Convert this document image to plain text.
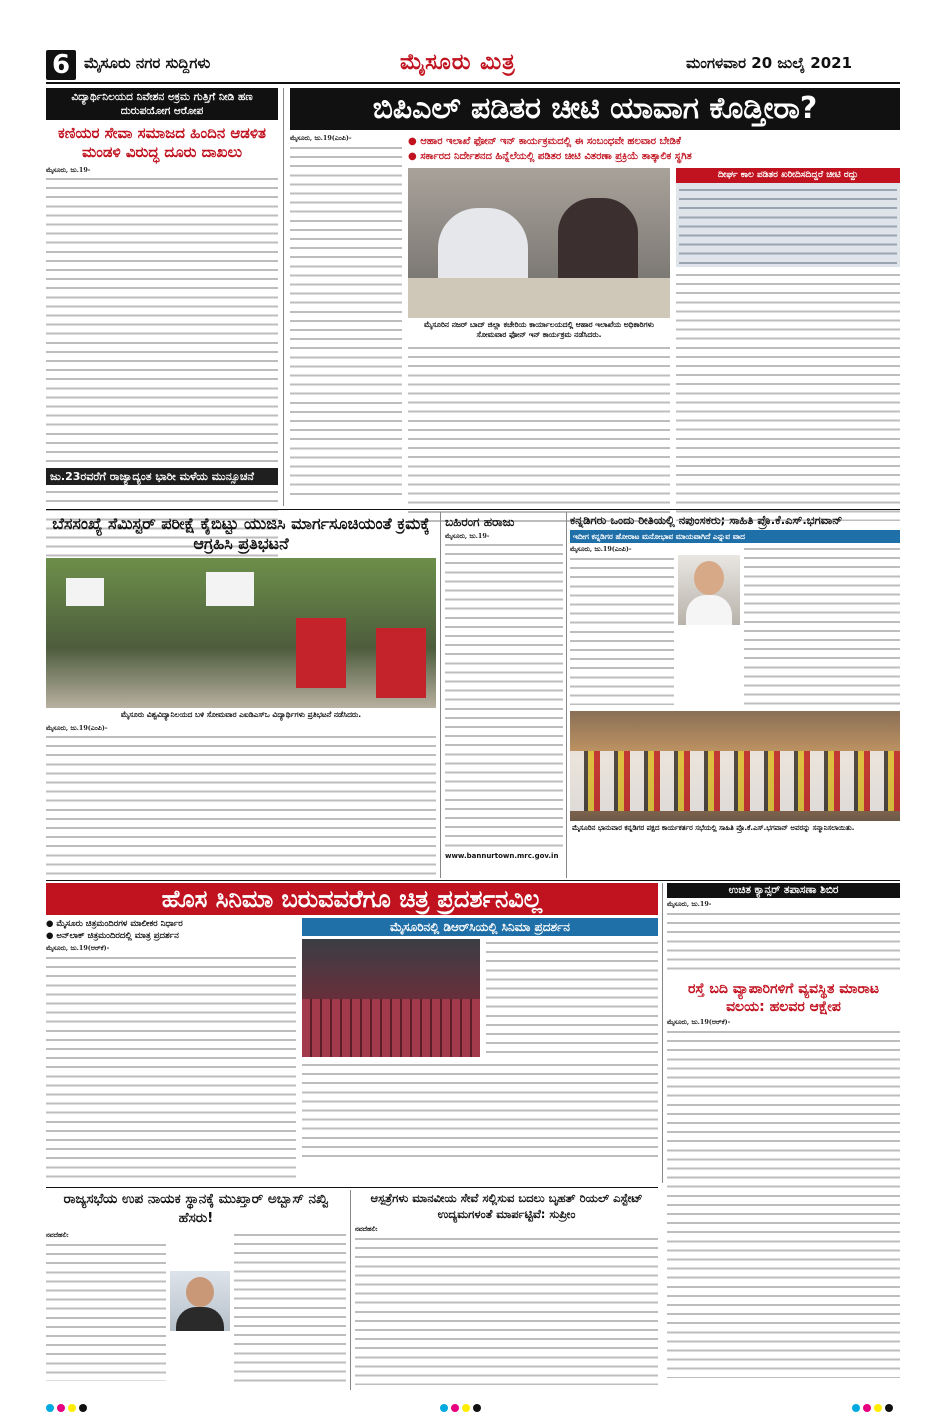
6 ಮೈಸೂರು ನಗರ ಸುದ್ದಿಗಳು	ಮೈಸೂರು ಮಿತ್ರ	ಮಂಗಳವಾರ 20 ಜುಲೈ 2021
ವಿದ್ಯಾರ್ಥಿನಿಲಯದ ನಿವೇಶನ ಅಕ್ರಮ ಗುತ್ತಿಗೆ ನೀಡಿ ಹಣ ದುರುಪಯೋಗ ಆರೋಪ
ಕಣಿಯರ ಸೇವಾ ಸಮಾಜದ ಹಿಂದಿನ ಆಡಳಿತ ಮಂಡಳಿ ವಿರುದ್ಧ ದೂರು ದಾಖಲು
ಮೈಸೂರು, ಜು.19-
ಜು.23ರವರೆಗೆ ರಾಜ್ಯಾದ್ಯಂತ ಭಾರೀ ಮಳೆಯ ಮುನ್ಸೂಚನೆ
ಬಿಪಿಎಲ್ ಪಡಿತರ ಚೀಟಿ ಯಾವಾಗ ಕೊಡ್ತೀರಾ?
ಮೈಸೂರು, ಜು.19(ಎಂಪಿ)-	● ಆಹಾರ ಇಲಾಖೆ ಫೋನ್ ಇನ್ ಕಾರ್ಯಕ್ರಮದಲ್ಲಿ ಈ ಸಂಬಂಧವೇ ಹಲವಾರ ಬೇಡಿಕೆ
● ಸರ್ಕಾರದ ನಿರ್ದೇಶನದ ಹಿನ್ನೆಲೆಯಲ್ಲಿ ಪಡಿತರ ಚೀಟಿ ವಿತರಣಾ ಪ್ರಕ್ರಿಯೆ ತಾತ್ಕಾಲಿಕ ಸ್ಥಗಿತ
ಮೈಸೂರಿನ ನಜರ್ ಬಾದ್ ಜಿಲ್ಲಾ ಕಚೇರಿಯ ಕಾರ್ಯಾಲಯದಲ್ಲಿ ಆಹಾರ ಇಲಾಖೆಯ ಅಧಿಕಾರಿಗಳು ಸೋಮವಾರ ಫೋನ್ ಇನ್ ಕಾರ್ಯಕ್ರಮ ನಡೆಸಿದರು.
ದೀರ್ಘ ಕಾಲ ಪಡಿತರ ಖರೀದಿಸದಿದ್ದರೆ ಚೀಟಿ ರದ್ದು
ಬೆಸಸಂಖ್ಯೆ ಸೆಮಿಸ್ಟರ್ ಪರೀಕ್ಷೆ ಕೈಬಿಟ್ಟು ಯುಜಿಸಿ ಮಾರ್ಗಸೂಚಿಯಂತೆ ಕ್ರಮಕ್ಕೆ ಆಗ್ರಹಿಸಿ ಪ್ರತಿಭಟನೆ
ಮೈಸೂರು ವಿಶ್ವವಿದ್ಯಾನಿಲಯದ ಬಳಿ ಸೋಮವಾರ ಎಐಡಿಎಸ್ಒ ವಿದ್ಯಾರ್ಥಿಗಳು ಪ್ರತಿಭಟನೆ ನಡೆಸಿದರು.
ಮೈಸೂರು, ಜು.19(ಎಂಪಿ)-
ಬಹಿರಂಗ ಹರಾಜು
ಮೈಸೂರು, ಜು.19-
www.bannurtown.mrc.gov.in
ಕನ್ನಡಿಗರು ಒಂದು ರೀತಿಯಲ್ಲಿ ನಪುಂಸಕರು; ಸಾಹಿತಿ ಪ್ರೊ.ಕೆ.ಎಸ್.ಭಗವಾನ್
ಇದೀಗ ಕನ್ನಡಿಗರ ಹೋರಾಟ ಮನೋಭಾವ ಮಾಯವಾಗಿದೆ ಎನ್ನುವ ವಾದ
ಮೈಸೂರು, ಜು.19(ಎಂಪಿ)-
ಮೈಸೂರಿನ ಭಾನುವಾರ ಕನ್ನಡಿಗರ ಪಕ್ಷದ ಕಾರ್ಯಕರ್ತರ ಸಭೆಯಲ್ಲಿ ಸಾಹಿತಿ ಪ್ರೊ.ಕೆ.ಎಸ್.ಭಗವಾನ್ ಅವರನ್ನು ಸನ್ಮಾನಿಸಲಾಯಿತು.
ಹೊಸ ಸಿನಿಮಾ ಬರುವವರೆಗೂ ಚಿತ್ರ ಪ್ರದರ್ಶನವಿಲ್ಲ
● ಮೈಸೂರು ಚಿತ್ರಮಂದಿರಗಳ ಮಾಲೀಕರ ನಿರ್ಧಾರ
● ಅನ್‌ಲಾಕ್ ಚಿತ್ರಮಂದಿರದಲ್ಲಿ ಮಾತ್ರ ಪ್ರದರ್ಶನ
ಮೈಸೂರು, ಜು.19(ಆರ್‌ಕೆ)-
ಮೈಸೂರಿನಲ್ಲಿ ಡಿಆರ್‌ಸಿಯಲ್ಲಿ ಸಿನಿಮಾ ಪ್ರದರ್ಶನ
ಉಚಿತ ಕ್ಯಾನ್ಸರ್ ತಪಾಸಣಾ ಶಿಬಿರ
ಮೈಸೂರು, ಜು.19-
ರಸ್ತೆ ಬದಿ ವ್ಯಾಪಾರಿಗಳಿಗೆ ವ್ಯವಸ್ಥಿತ ಮಾರಾಟ ವಲಯ: ಹಲವರ ಆಕ್ಷೇಪ
ಮೈಸೂರು, ಜು.19(ಆರ್‌ಕೆ)-
ರಾಜ್ಯಸಭೆಯ ಉಪ ನಾಯಕ ಸ್ಥಾನಕ್ಕೆ ಮುಖ್ತಾರ್ ಅಬ್ಬಾಸ್ ನಖ್ವಿ ಹೆಸರು!
ನವದೆಹಲಿ:
ಆಸ್ಪತ್ರೆಗಳು ಮಾನವೀಯ ಸೇವೆ ಸಲ್ಲಿಸುವ ಬದಲು ಬೃಹತ್ ರಿಯಲ್ ಎಸ್ಟೇಟ್ ಉದ್ಯಮಗಳಂತೆ ಮಾರ್ಪಟ್ಟಿವೆ: ಸುಪ್ರೀಂ
ನವದೆಹಲಿ:
